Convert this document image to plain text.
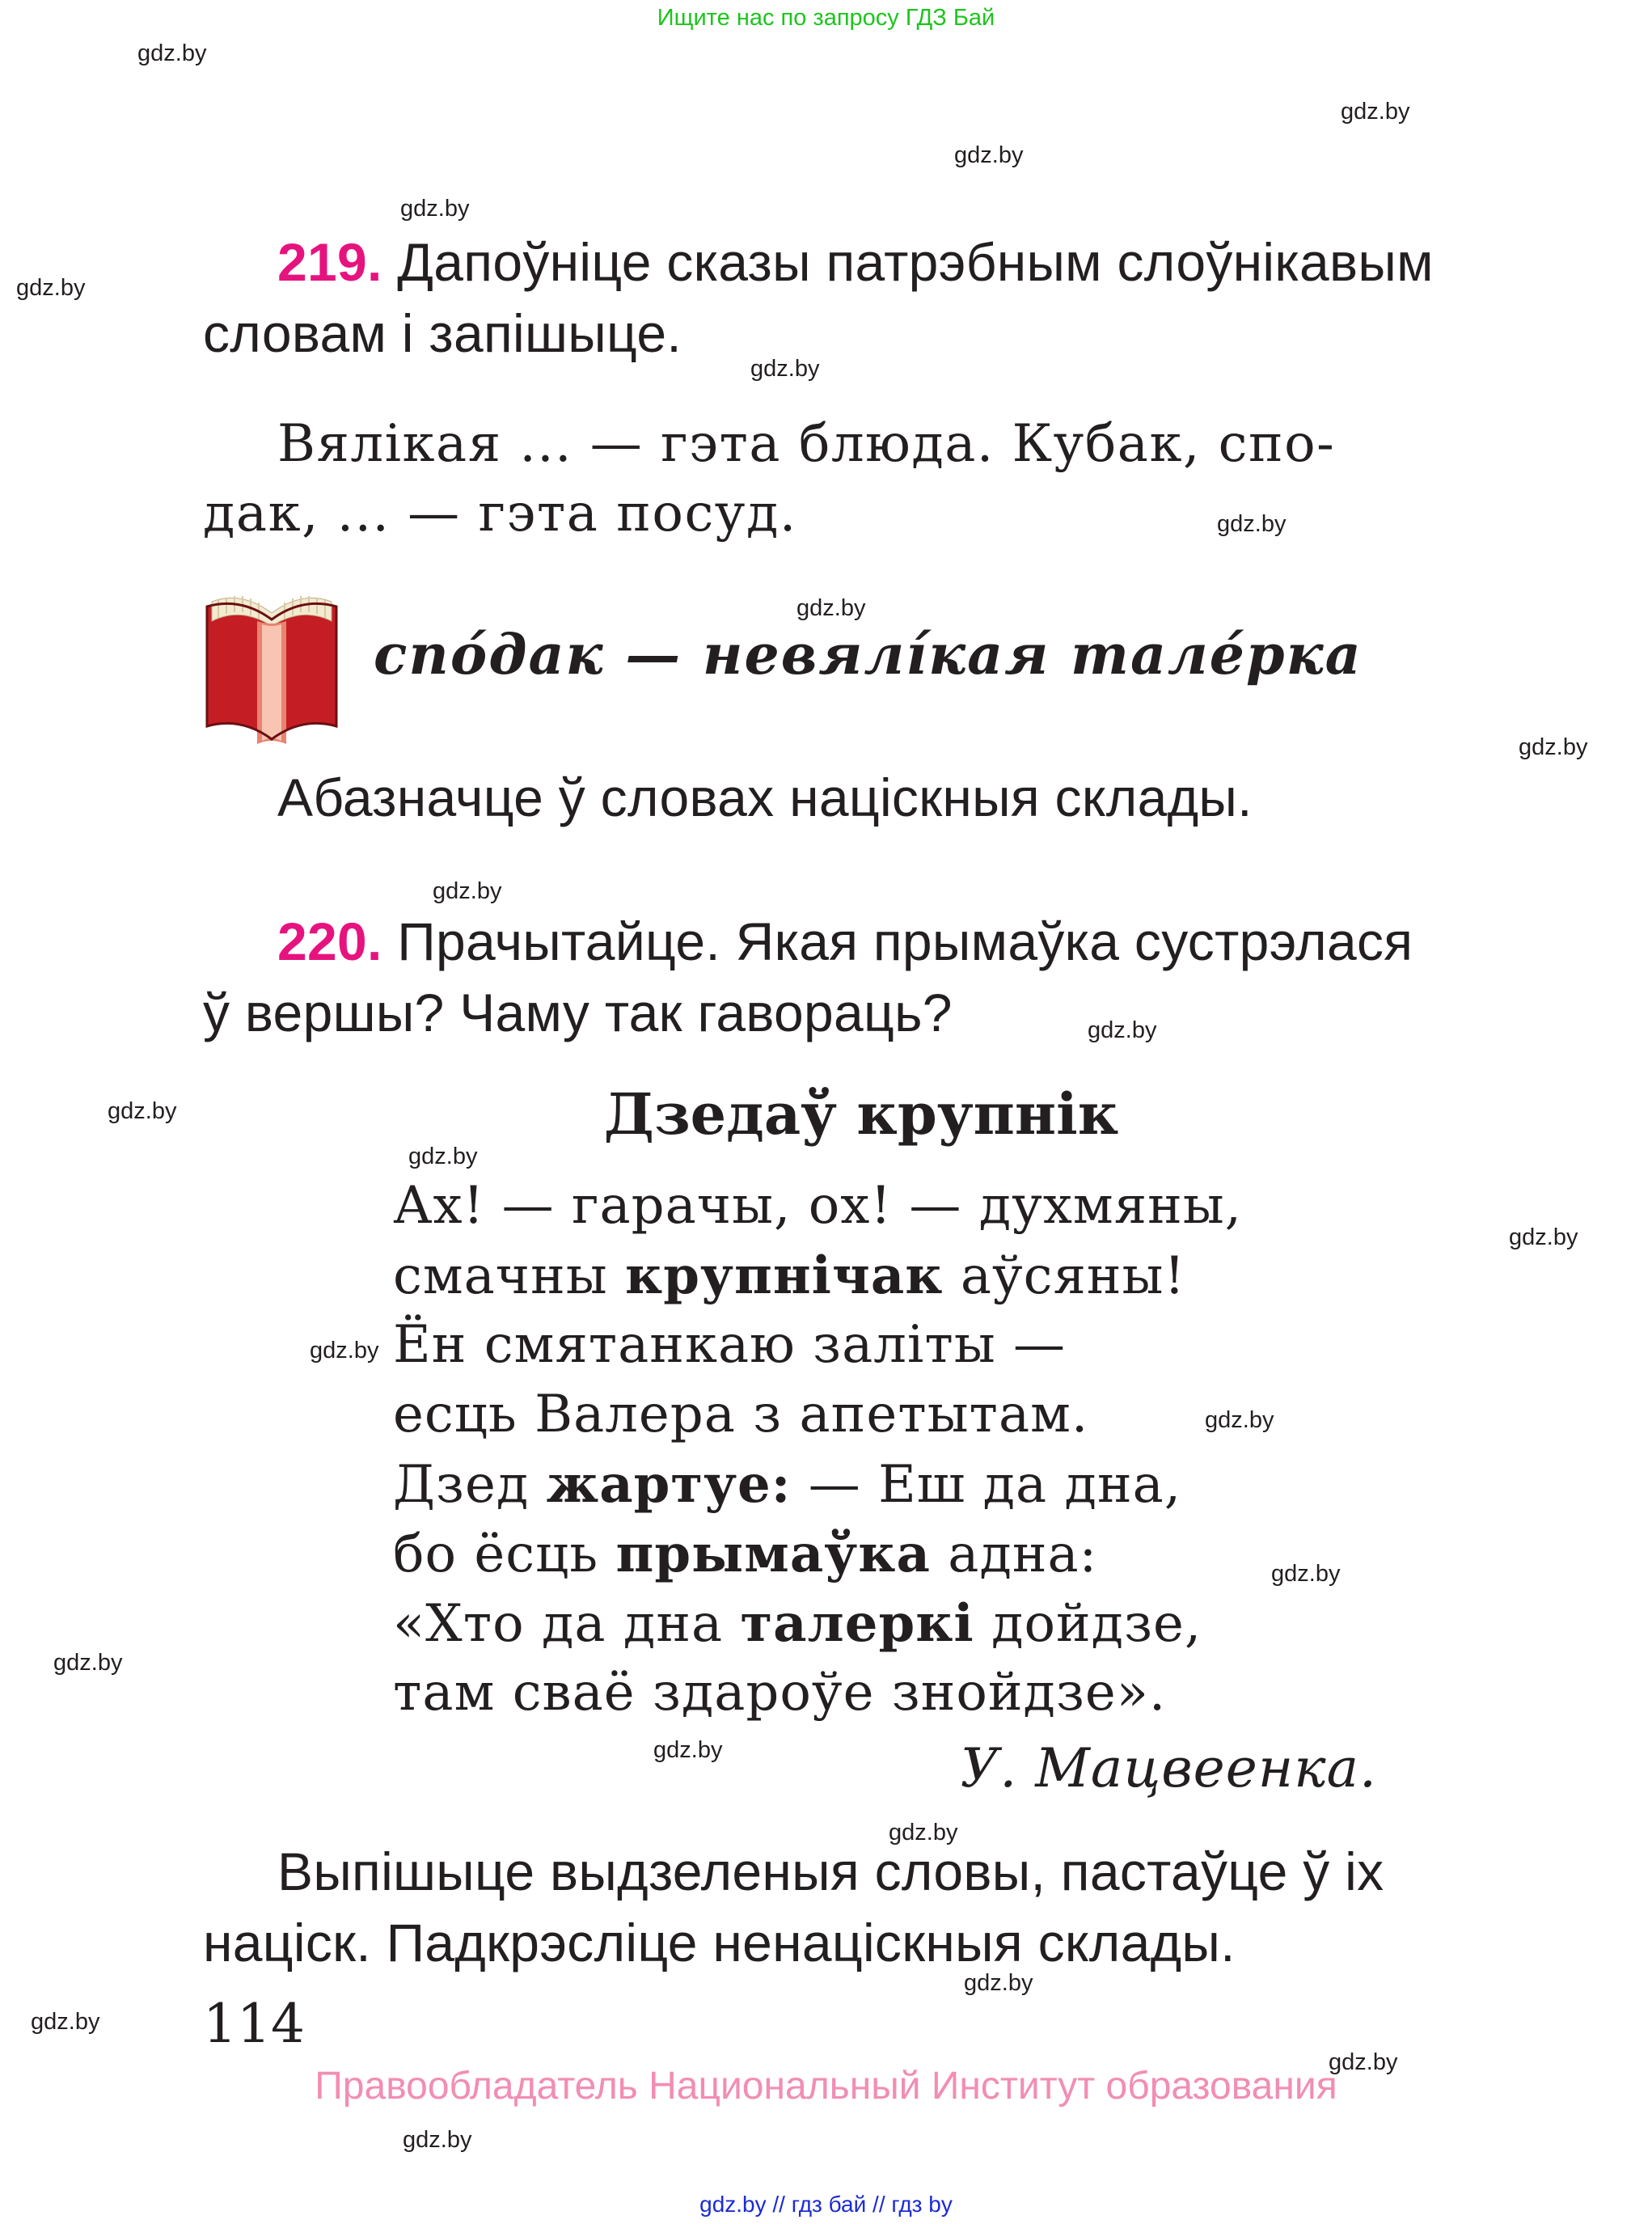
Ищите нас по запросу ГДЗ Бай
gdz.by
gdz.by
gdz.by
gdz.by
gdz.by
gdz.by
gdz.by
gdz.by
gdz.by
gdz.by
gdz.by
gdz.by
gdz.by
gdz.by
gdz.by
gdz.by
gdz.by
gdz.by
gdz.by
gdz.by
gdz.by
gdz.by
gdz.by
gdz.by
219. Дапоўніце сказы патрэбным слоўнікавым
словам і запішыце.
Вялікая ... — гэта блюда. Кубак, спо-
дак, ... — гэта посуд.
спо́дак — невялі́кая тале́рка
Абазначце ў словах націскныя склады.
220. Прачытайце. Якая прымаўка сустрэлася
ў вершы? Чаму так гавораць?
Дзедаў крупнік
Ах! — гарачы, ох! — духмяны,
смачны крупнічак аўсяны!
Ён смятанкаю заліты —
есць Валера з апетытам.
Дзед жартуе: — Еш да дна,
бо ёсць прымаўка адна:
«Хто да дна талеркі дойдзе,
там сваё здароўе знойдзе».
У. Мацвеенка.
Выпішыце выдзеленыя словы, пастаўце ў іх
націск. Падкрэсліце ненаціскныя склады.
114
Правообладатель Национальный Институт образования
gdz.by // гдз бай // гдз by
